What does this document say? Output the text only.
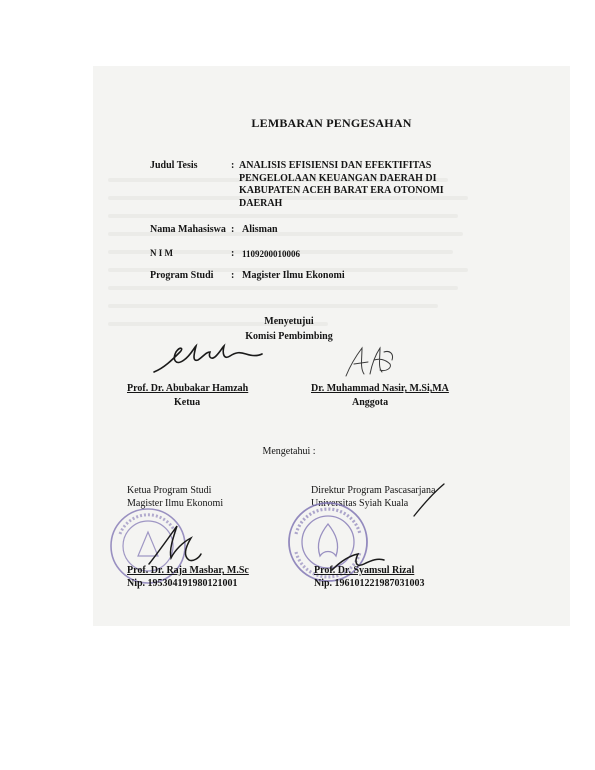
LEMBARAN PENGESAHAN
Judul Tesis	: ANALISIS EFISIENSI DAN EFEKTIFITAS
PENGELOLAAN KEUANGAN DAERAH DI
KABUPATEN ACEH BARAT ERA OTONOMI
DAERAH
Nama Mahasiswa : Alisman
N I M	: 1109200010006
Program Studi : Magister Ilmu Ekonomi
Menyetujui
Komisi Pembimbing
Prof. Dr. Abubakar Hamzah
Ketua
Dr. Muhammad Nasir, M.Si,MA
Anggota
Mengetahui :
Ketua Program Studi
Magister Ilmu Ekonomi
Direktur Program Pascasarjana
Universitas Syiah Kuala
Prof. Dr. Raja Masbar, M.Sc
Nip. 195304191980121001
Prof. Dr. Syamsul Rizal
Nip. 196101221987031003
